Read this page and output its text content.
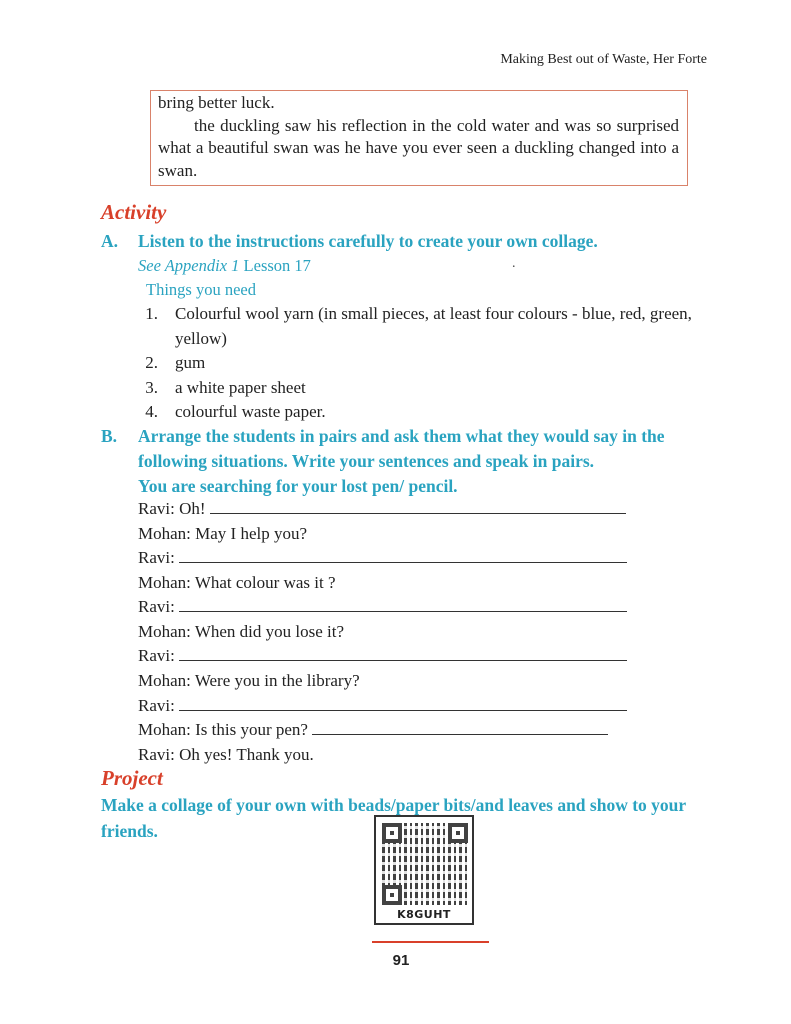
Making Best out of Waste, Her Forte

bring better luck.

the duckling saw his reflection in the cold water and was so surprised what a beautiful swan was he have you ever seen a duckling changed into a swan.

Activity
A. Listen to the instructions carefully to create your own collage.
See Appendix 1 Lesson 17	.
Things you need
1. Colourful wool yarn (in small pieces, at least four colours - blue, red, green, yellow)
2. gum
3. a white paper sheet
4. colourful waste paper.
B. Arrange the students in pairs and ask them what they would say in the following situations. Write your sentences and speak in pairs.
You are searching for your lost pen/ pencil.
Ravi: Oh!
Mohan: May I help you?
Ravi:
Mohan: What colour was it ?
Ravi:
Mohan: When did you lose it?
Ravi:
Mohan: Were you in the library?
Ravi:
Mohan: Is this your pen?
Ravi: Oh yes! Thank you.
Project
Make a collage of your own with beads/paper bits/and leaves and show to your friends.
K8GUHT
91
